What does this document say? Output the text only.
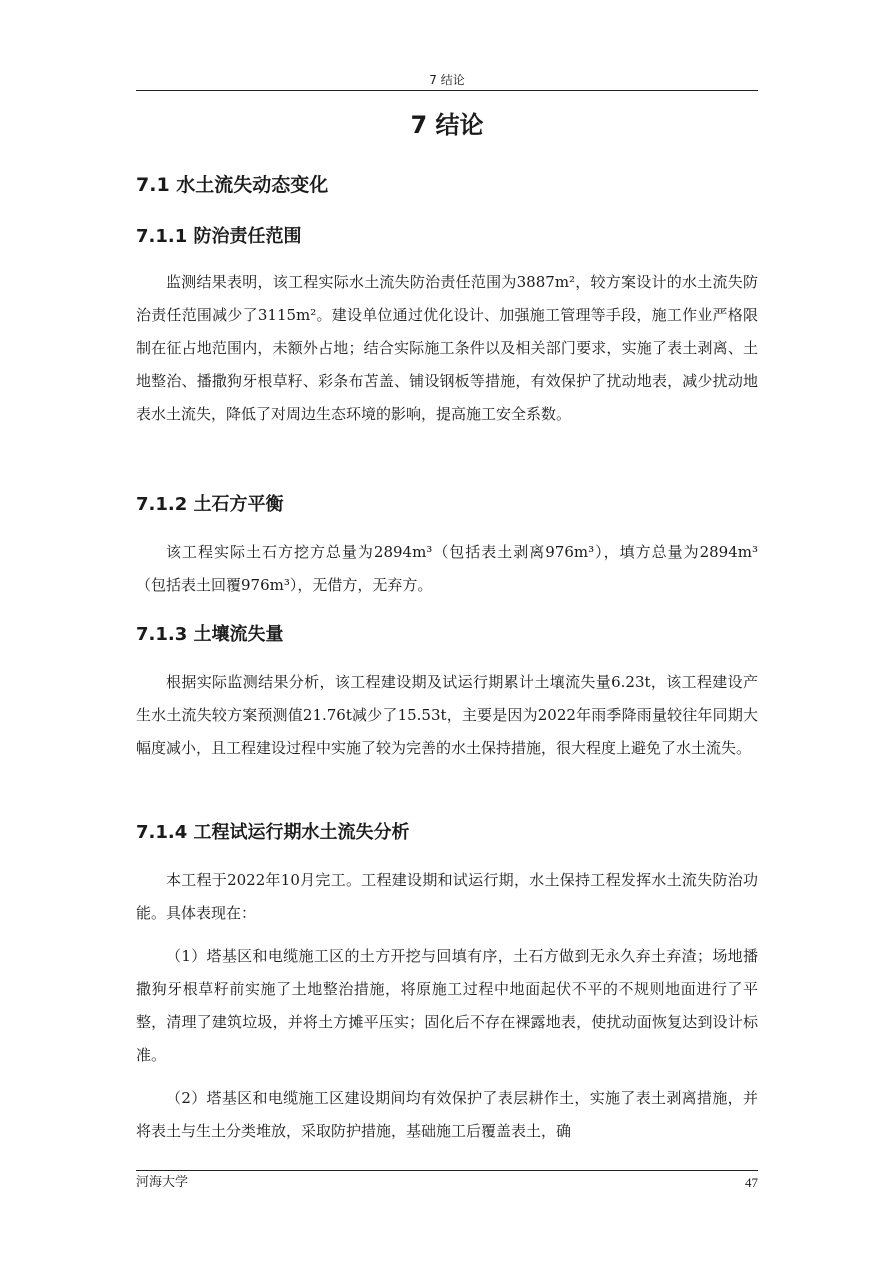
7 结论
7 结论
7.1 水土流失动态变化
7.1.1 防治责任范围

监测结果表明，该工程实际水土流失防治责任范围为3887m²，较方案设计的水土流失防治责任范围减少了3115m²。建设单位通过优化设计、加强施工管理等手段，施工作业严格限制在征占地范围内，未额外占地；结合实际施工条件以及相关部门要求，实施了表土剥离、土地整治、播撒狗牙根草籽、彩条布苫盖、铺设钢板等措施，有效保护了扰动地表，减少扰动地表水土流失，降低了对周边生态环境的影响，提高施工安全系数。

7.1.2 土石方平衡

该工程实际土石方挖方总量为2894m³（包括表土剥离976m³），填方总量为2894m³（包括表土回覆976m³），无借方，无弃方。

7.1.3 土壤流失量

根据实际监测结果分析，该工程建设期及试运行期累计土壤流失量6.23t，该工程建设产生水土流失较方案预测值21.76t减少了15.53t，主要是因为2022年雨季降雨量较往年同期大幅度减小，且工程建设过程中实施了较为完善的水土保持措施，很大程度上避免了水土流失。

7.1.4 工程试运行期水土流失分析

本工程于2022年10月完工。工程建设期和试运行期，水土保持工程发挥水土流失防治功能。具体表现在：

（1）塔基区和电缆施工区的土方开挖与回填有序，土石方做到无永久弃土弃渣；场地播撒狗牙根草籽前实施了土地整治措施，将原施工过程中地面起伏不平的不规则地面进行了平整，清理了建筑垃圾，并将土方摊平压实；固化后不存在裸露地表，使扰动面恢复达到设计标准。

（2）塔基区和电缆施工区建设期间均有效保护了表层耕作土，实施了表土剥离措施，并将表土与生土分类堆放，采取防护措施，基础施工后覆盖表土，确

河海大学	47
